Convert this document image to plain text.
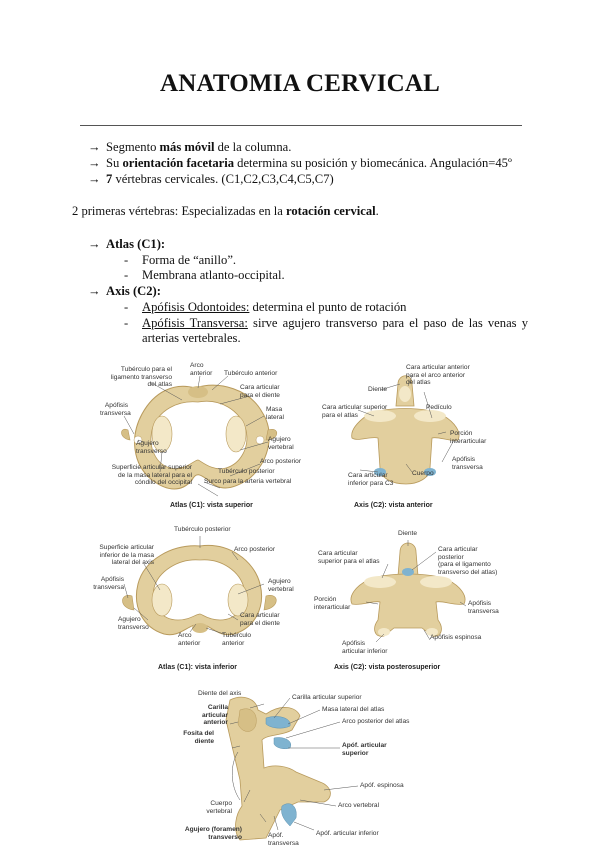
ANATOMIA CERVICAL
→ Segmento más móvil de la columna.
→ Su orientación facetaria determina su posición y biomecánica. Angulación=45º
→ 7 vértebras cervicales. (C1,C2,C3,C4,C5,C7)
2 primeras vértebras: Especializadas en la rotación cervical.
→ Atlas (C1):
- Forma de “anillo”.
- Membrana atlanto-occipital.
→ Axis (C2):
- Apófisis Odontoides: determina el punto de rotación
-	Apófisis Transversa: sirve agujero transverso para el paso de las venas y
arterias vertebrales.
Tubérculo para el
ligamento transverso
del atlas
Arco
anterior Tubérculo anterior
Cara articular
para el diente
Apófisis
transversa	Masa
lateral
Agujero
transverso
Agujero
vertebral
Arco posterior
Superficie articular superior
de la masa lateral para el
cóndilo del occipital
Tubérculo posterior
Surco para la arteria vertebral
Atlas (C1): vista superior
Cara articular anterior
para el arco anterior
del atlas
Diente
Cara articular superior
para el atlas
Pedículo
Porción
interarticular
Apófisis
transversa
Cara articular
inferior para C3
Cuerpo
Axis (C2): vista anterior
Tubérculo posterior
Superficie articular
inferior de la masa
lateral del axis
Arco posterior
Apófisis
transversa
Agujero
vertebral
Agujero
transverso
Cara articular
para el diente
Arco
anterior
Tubérculo
anterior
Atlas (C1): vista inferior
Diente
Cara articular
superior para el atlas
Cara articular
posterior
(para el ligamento
transverso del atlas)
Porción
interarticular	Apófisis
transversa
Apófisis
articular inferior
Apófisis espinosa
Axis (C2): vista posterosuperior
Diente del axis
Carilla
articular
anterior
Fosita del
diente
Carilla articular superior
Masa lateral del atlas
Arco posterior del atlas
Apóf. articular
superior
Cuerpo
vertebral
Apóf. espinosa
Arco vertebral
Agujero (foramen)
transverso	Apóf.
transversa
Apóf. articular inferior
